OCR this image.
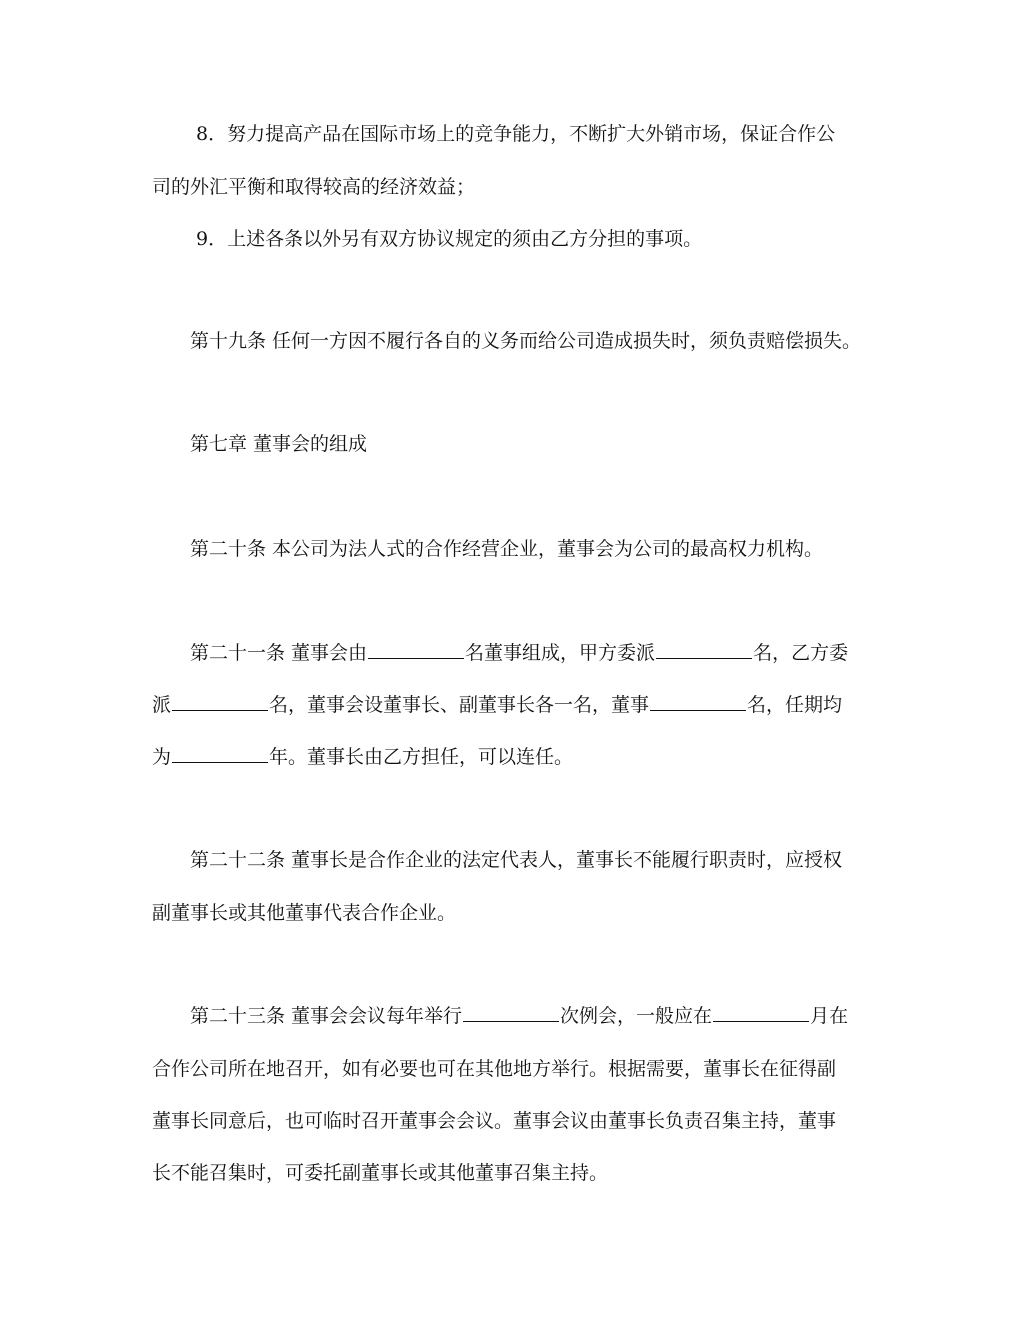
8．努力提高产品在国际市场上的竞争能力，不断扩大外销市场，保证合作公
司的外汇平衡和取得较高的经济效益；
9．上述各条以外另有双方协议规定的须由乙方分担的事项。
第十九条 任何一方因不履行各自的义务而给公司造成损失时，须负责赔偿损失。
第七章 董事会的组成
第二十条 本公司为法人式的合作经营企业，董事会为公司的最高权力机构。
第二十一条 董事会由	名董事组成，甲方委派	名，乙方委
派	名，董事会设董事长、副董事长各一名，董事	名，任期均
为	年。董事长由乙方担任，可以连任。
第二十二条 董事长是合作企业的法定代表人，董事长不能履行职责时，应授权
副董事长或其他董事代表合作企业。
第二十三条 董事会会议每年举行	次例会，一般应在	月在
合作公司所在地召开，如有必要也可在其他地方举行。根据需要，董事长在征得副
董事长同意后，也可临时召开董事会会议。董事会议由董事长负责召集主持，董事
长不能召集时，可委托副董事长或其他董事召集主持。
